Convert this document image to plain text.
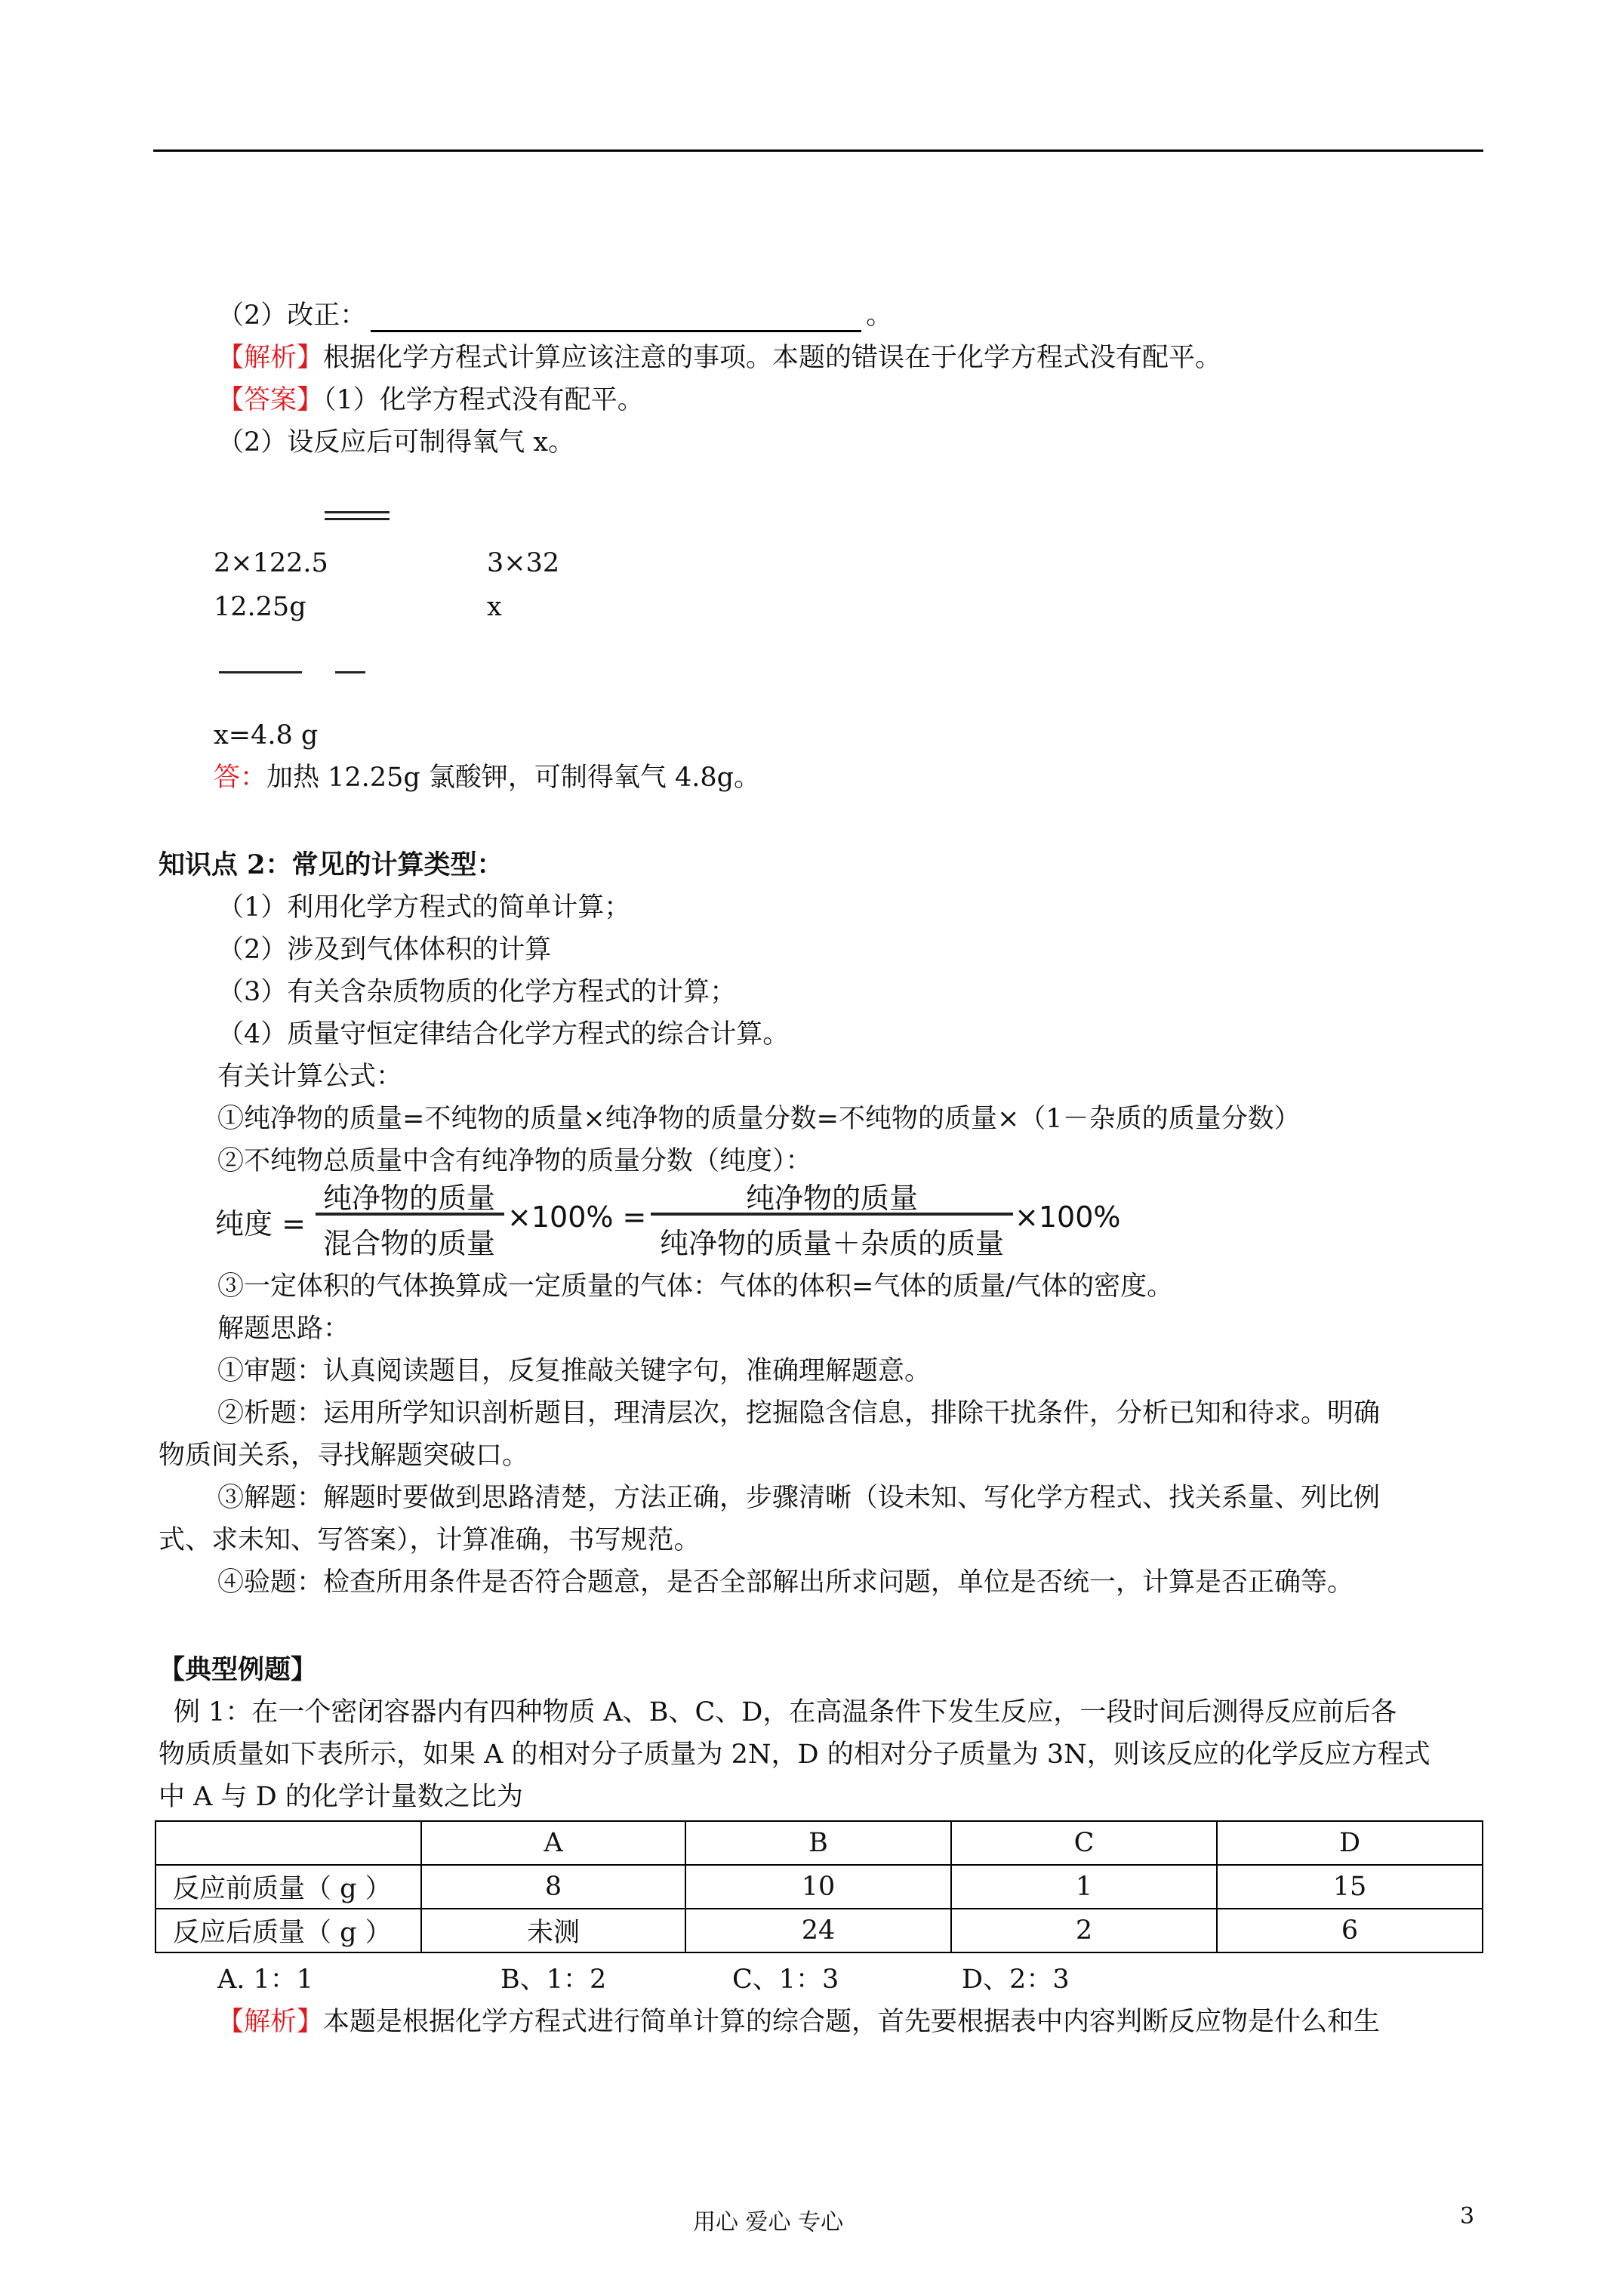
（2）改正：	。
【解析】根据化学方程式计算应该注意的事项。本题的错误在于化学方程式没有配平。
【答案】（1）化学方程式没有配平。
（2）设反应后可制得氧气 x。
2×122.5	3×32
12.25g	x
x=4.8 g
答：加热 12.25g 氯酸钾，可制得氧气 4.8g。
知识点 2：常见的计算类型：
（1）利用化学方程式的简单计算；
（2）涉及到气体体积的计算
（3）有关含杂质物质的化学方程式的计算；
（4）质量守恒定律结合化学方程式的综合计算。
有关计算公式：
①纯净物的质量=不纯物的质量×纯净物的质量分数=不纯物的质量×（1－杂质的质量分数）
②不纯物总质量中含有纯净物的质量分数（纯度）：
纯度 =
纯净物的质量
混合物的质量
×100% =
纯净物的质量
纯净物的质量＋杂质的质量
×100%
③一定体积的气体换算成一定质量的气体：气体的体积=气体的质量/气体的密度。
解题思路：
①审题：认真阅读题目，反复推敲关键字句，准确理解题意。
②析题：运用所学知识剖析题目，理清层次，挖掘隐含信息，排除干扰条件，分析已知和待求。明确
物质间关系，寻找解题突破口。
③解题：解题时要做到思路清楚，方法正确，步骤清晰（设未知、写化学方程式、找关系量、列比例
式、求未知、写答案），计算准确，书写规范。
④验题：检查所用条件是否符合题意，是否全部解出所求问题，单位是否统一，计算是否正确等。
【典型例题】
例 1：在一个密闭容器内有四种物质 A、B、C、D，在高温条件下发生反应，一段时间后测得反应前后各
物质质量如下表所示，如果 A 的相对分子质量为 2N，D 的相对分子质量为 3N，则该反应的化学反应方程式
中 A 与 D 的化学计量数之比为
	A	B	C	D
反应前质量（ g ）	8	10	1	15
反应后质量（ g ）	未测	24	2	6
A. 1：1	B、1：2	C、1：3	D、2：3
【解析】本题是根据化学方程式进行简单计算的综合题，首先要根据表中内容判断反应物是什么和生
用心 爱心 专心	3
